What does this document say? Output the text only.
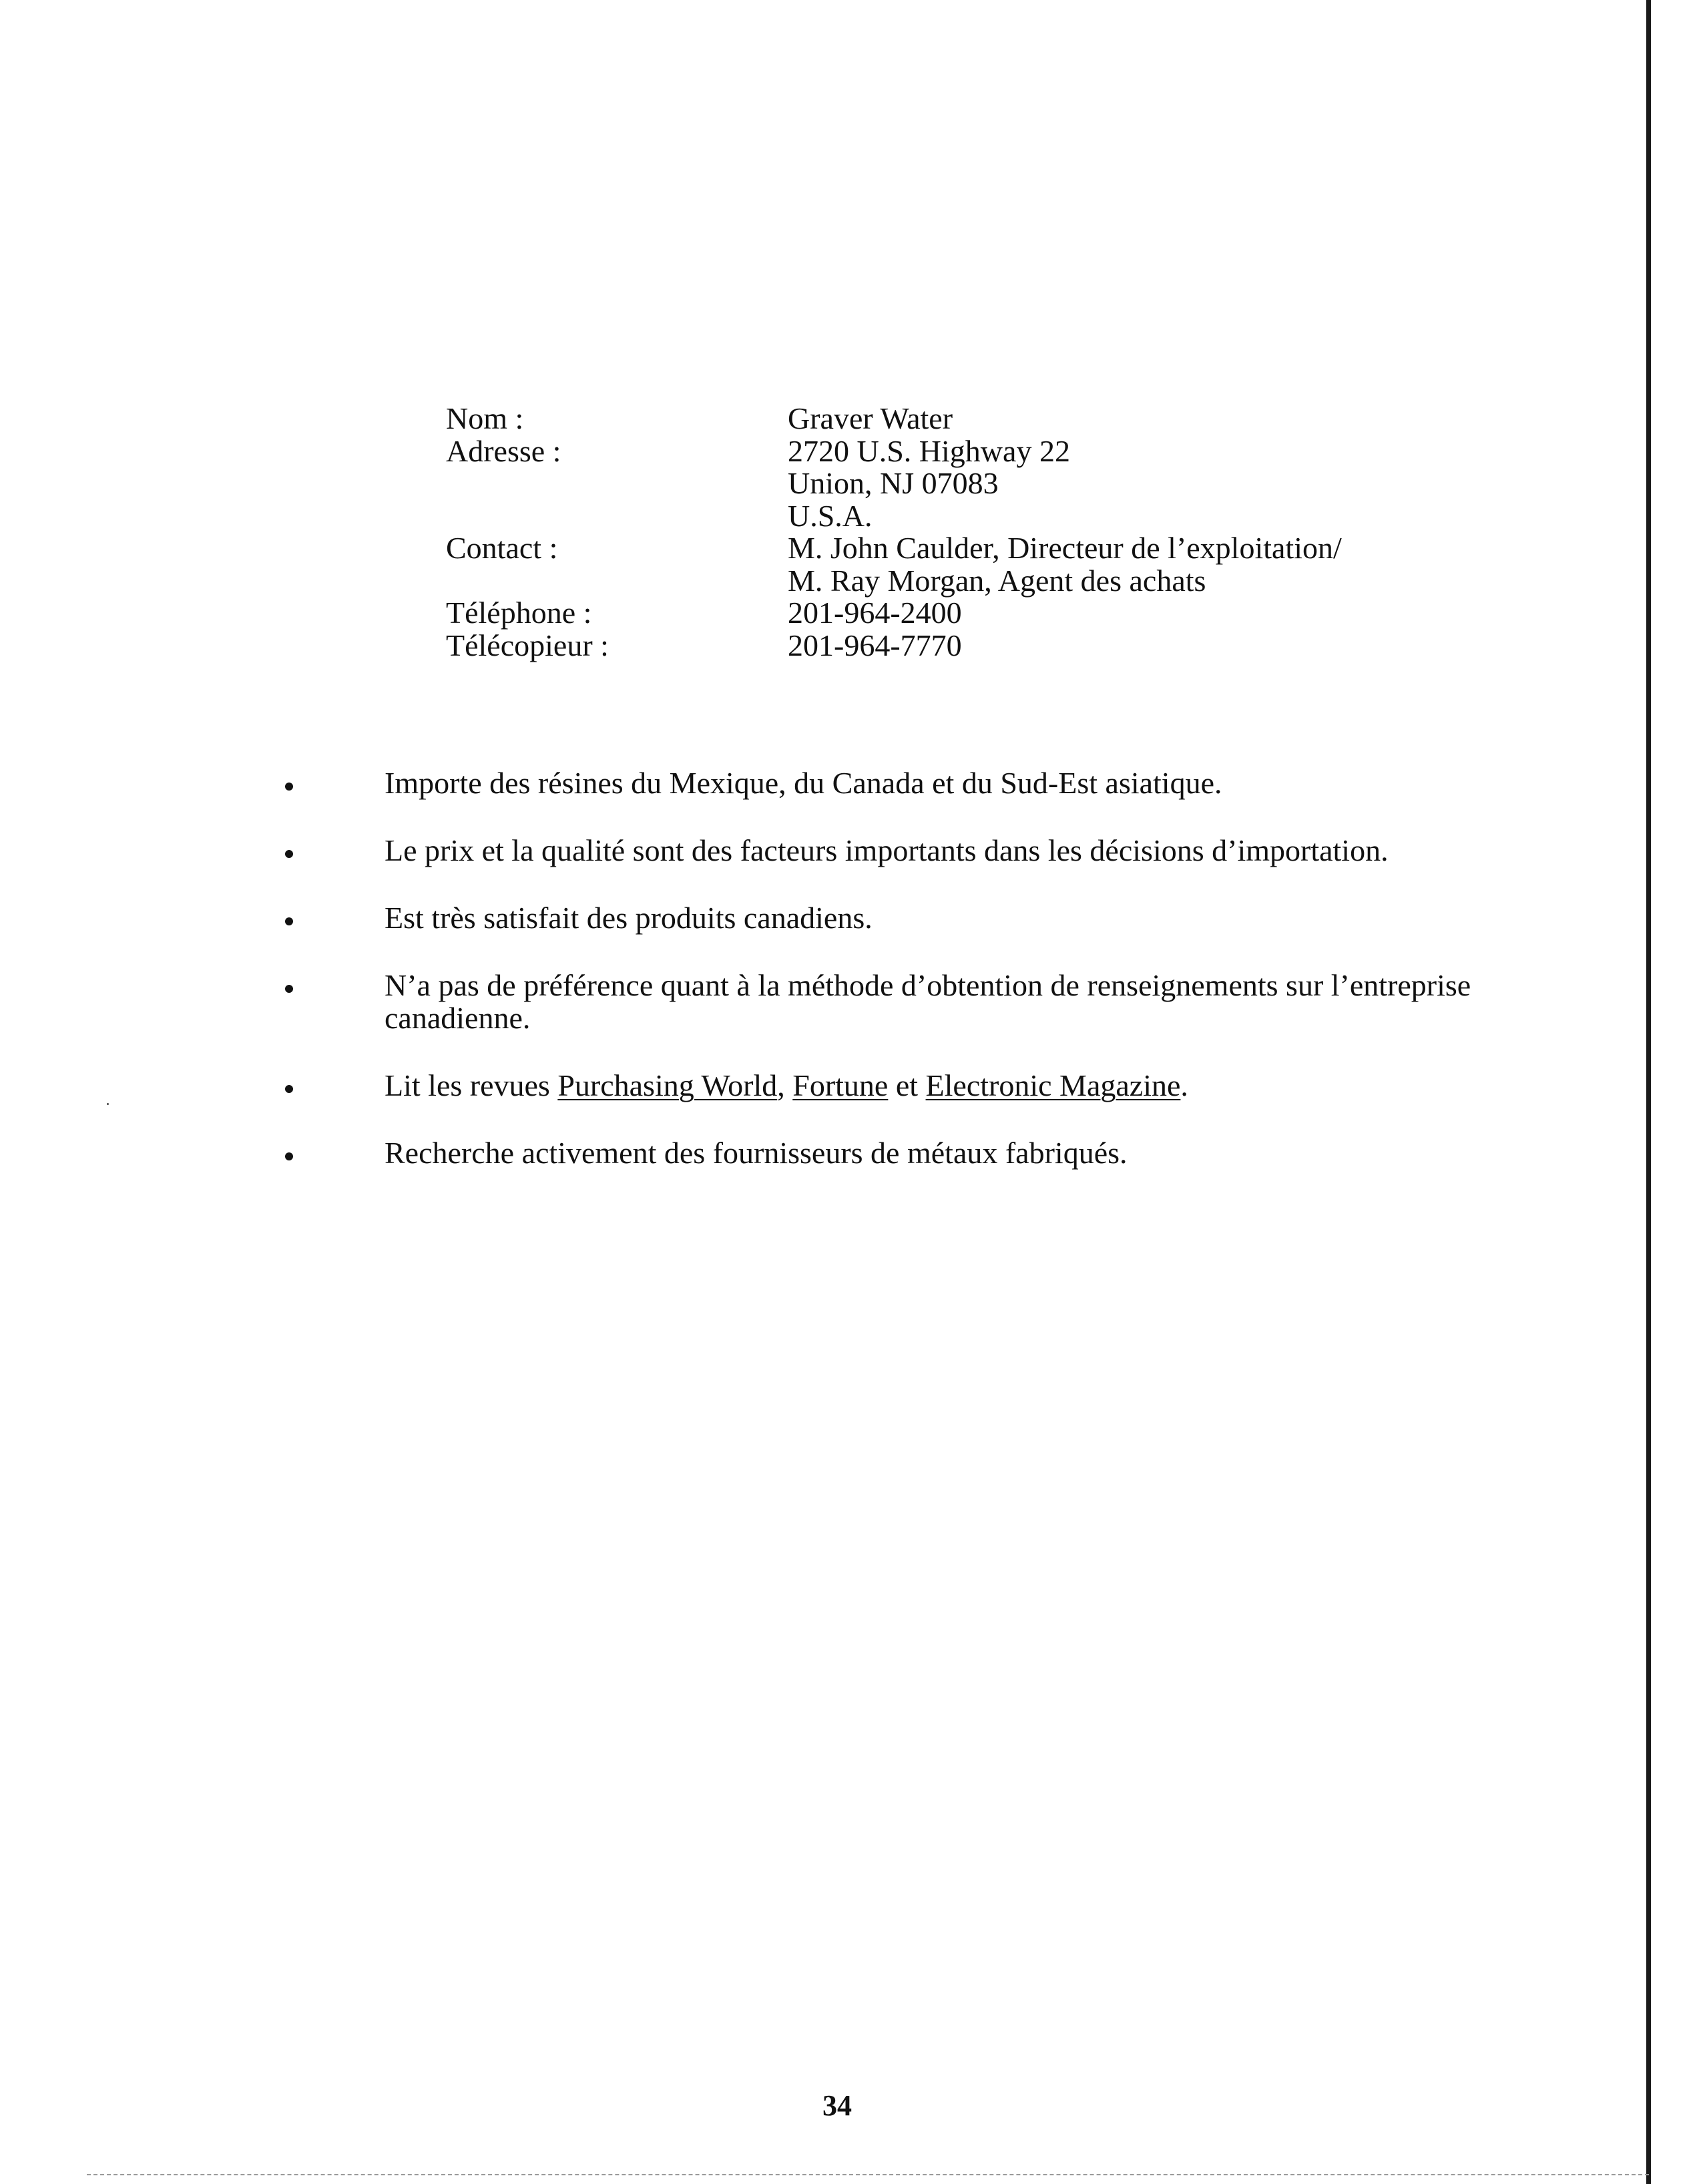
Nom :	Graver Water
Adresse :	2720 U.S. Highway 22
Union, NJ 07083
U.S.A.
Contact :	M. John Caulder, Directeur de l’exploitation/
M. Ray Morgan, Agent des achats
Téléphone :	201-964-2400
Télécopieur :	201-964-7770
Importe des résines du Mexique, du Canada et du Sud-Est asiatique.
Le prix et la qualité sont des facteurs importants dans les décisions d’importation.
Est très satisfait des produits canadiens.
N’a pas de préférence quant à la méthode d’obtention de renseignements sur l’entreprise canadienne.
Lit les revues Purchasing World, Fortune et Electronic Magazine.
Recherche activement des fournisseurs de métaux fabriqués.
34
